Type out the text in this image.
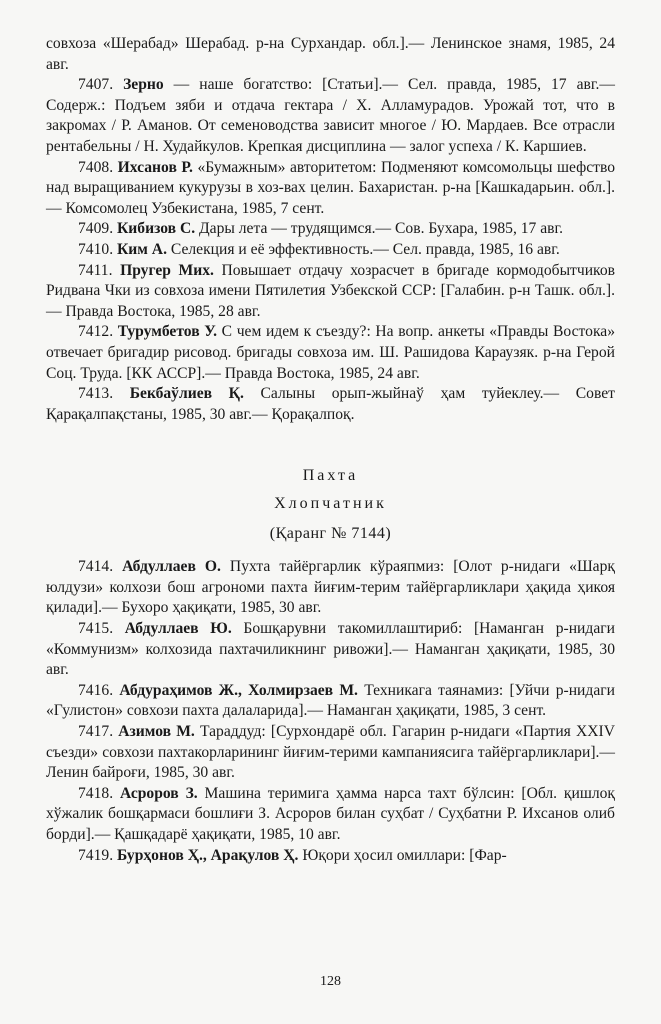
совхоза «Шерабад» Шерабад. р-на Сурхандар. обл.].— Ленинское знамя, 1985, 24 авг.

7407. Зерно — наше богатство: [Статьи].— Сел. правда, 1985, 17 авг.— Содерж.: Подъем зяби и отдача гектара / Х. Алламурадов. Урожай тот, что в закромах / Р. Аманов. От семеноводства зависит многое / Ю. Мардаев. Все отрасли рентабельны / Н. Худайкулов. Крепкая дисциплина — залог успеха / К. Каршиев.

7408. Ихсанов Р. «Бумажным» авторитетом: Подменяют комсомольцы шефство над выращиванием кукурузы в хоз-вах целин. Бахаристан. р-на [Кашкадарьин. обл.].— Комсомолец Узбекистана, 1985, 7 сент.

7409. Кибизов С. Дары лета — трудящимся.— Сов. Бухара, 1985, 17 авг.

7410. Ким А. Селекция и её эффективность.— Сел. правда, 1985, 16 авг.

7411. Пругер Мих. Повышает отдачу хозрасчет в бригаде кормодобытчиков Ридвана Чки из совхоза имени Пятилетия Узбекской ССР: [Галабин. р-н Ташк. обл.].— Правда Востока, 1985, 28 авг.

7412. Турумбетов У. С чем идем к съезду?: На вопр. анкеты «Правды Востока» отвечает бригадир рисовод. бригады совхоза им. Ш. Рашидова Караузяк. р-на Герой Соц. Труда. [КК АССР].— Правда Востока, 1985, 24 авг.

7413. Бекбаўлиев Қ. Салыны орып-жыйнаў ҳам туйеклеу.— Совет Қарақалпақстаны, 1985, 30 авг.— Қорақалпоқ.

Пахта

Хлопчатник

(Қаранг № 7144)

7414. Абдуллаев О. Пухта тайёргарлик кўраяпмиз: [Олот р-нидаги «Шарқ юлдузи» колхози бош агрономи пахта йиғим-терим тайёргарликлари ҳақида ҳикоя қилади].— Бухоро ҳақиқати, 1985, 30 авг.

7415. Абдуллаев Ю. Бошқарувни такомиллаштириб: [Наманган р-нидаги «Коммунизм» колхозида пахтачиликнинг ривожи].— Наманган ҳақиқати, 1985, 30 авг.

7416. Абдураҳимов Ж., Холмирзаев М. Техникага таянамиз: [Уйчи р-нидаги «Гулистон» совхози пахта далаларида].— Наманган ҳақиқати, 1985, 3 сент.

7417. Азимов М. Тараддуд: [Сурхондарё обл. Гагарин р-нидаги «Партия XXIV съезди» совхози пахтакорларининг йиғим-терими кампаниясига тайёргарликлари].— Ленин байроғи, 1985, 30 авг.

7418. Асроров З. Машина теримига ҳамма нарса тахт бўлсин: [Обл. қишлоқ хўжалик бошқармаси бошлиғи З. Асроров билан суҳбат / Суҳбатни Р. Ихсанов олиб борди].— Қашқадарё ҳақиқати, 1985, 10 авг.

7419. Бурҳонов Ҳ., Арақулов Ҳ. Юқори ҳосил омиллари: [Фар-

128
